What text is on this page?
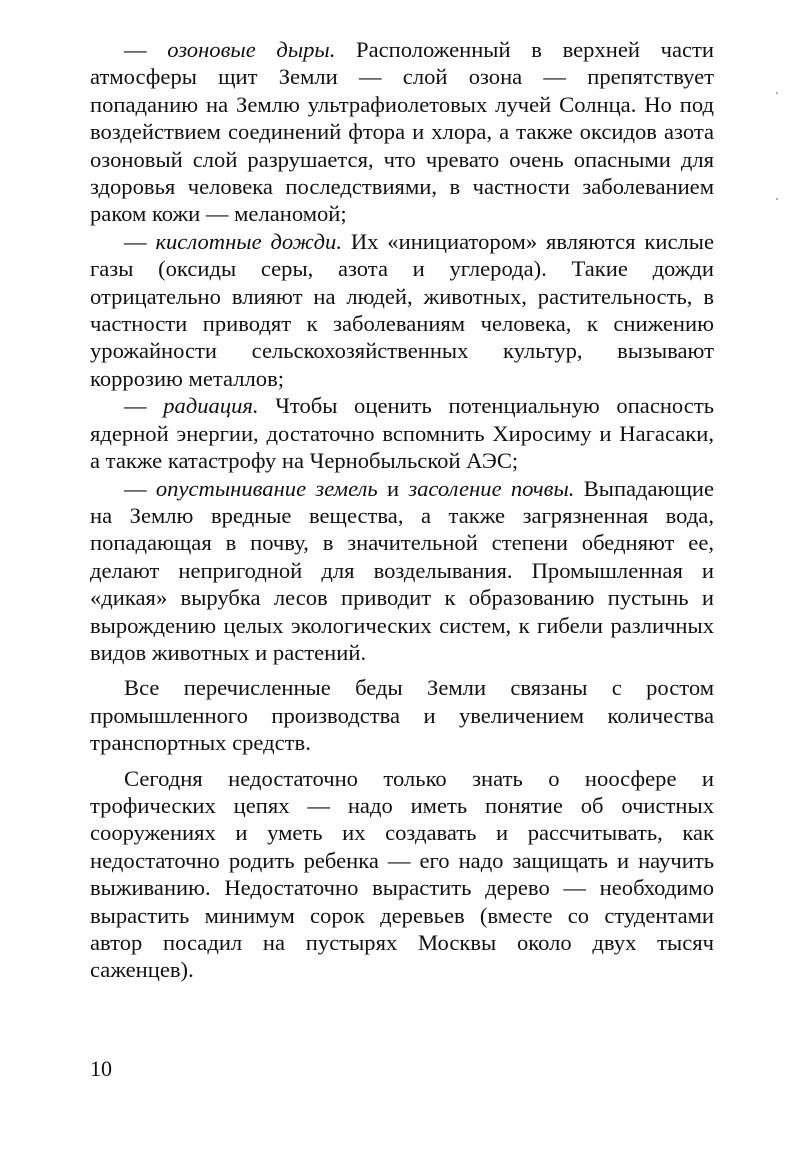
— озоновые дыры. Расположенный в верхней части атмосферы щит Земли — слой озона — препятствует попаданию на Землю ультрафиолетовых лучей Солнца. Но под воздействием соединений фтора и хлора, а также оксидов азота озоновый слой разрушается, что чревато очень опасными для здоровья человека последствиями, в частности заболеванием раком кожи — меланомой;

— кислотные дожди. Их «инициатором» являются кислые газы (оксиды серы, азота и углерода). Такие дожди отрицательно влияют на людей, животных, растительность, в частности приводят к заболеваниям человека, к снижению урожайности сельскохозяйственных культур, вызывают коррозию металлов;

— радиация. Чтобы оценить потенциальную опасность ядерной энергии, достаточно вспомнить Хиросиму и Нагасаки, а также катастрофу на Чернобыльской АЭС;

— опустынивание земель и засоление почвы. Выпадающие на Землю вредные вещества, а также загрязненная вода, попадающая в почву, в значительной степени обедняют ее, делают непригодной для возделывания. Промышленная и «дикая» вырубка лесов приводит к образованию пустынь и вырождению целых экологических систем, к гибели различных видов животных и растений.

Все перечисленные беды Земли связаны с ростом промышленного производства и увеличением количества транспортных средств.

Сегодня недостаточно только знать о ноосфере и трофических цепях — надо иметь понятие об очистных сооружениях и уметь их создавать и рассчитывать, как недостаточно родить ребенка — его надо защищать и научить выживанию. Недостаточно вырастить дерево — необходимо вырастить минимум сорок деревьев (вместе со студентами автор посадил на пустырях Москвы около двух тысяч саженцев).

10
